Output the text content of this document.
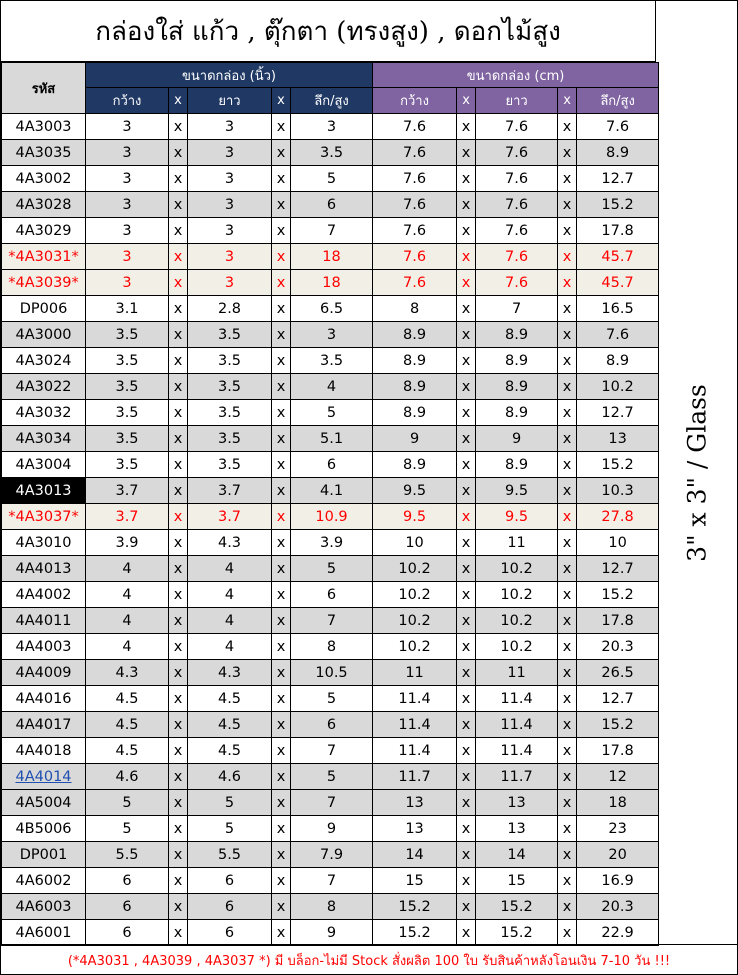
กล่องใส่ แก้ว , ตุ๊กตา (ทรงสูง) , ดอกไม้สูง
3" x 3" / Glass
รหัส	ขนาดกล่อง (นิ้ว)					ขนาดกล่อง (cm)				
	กว้าง	x	ยาว	x	ลึก/สูง	กว้าง	x	ยาว	x	ลึก/สูง
4A3003	3	x	3	x	3	7.6	x	7.6	x	7.6
4A3035	3	x	3	x	3.5	7.6	x	7.6	x	8.9
4A3002	3	x	3	x	5	7.6	x	7.6	x	12.7
4A3028	3	x	3	x	6	7.6	x	7.6	x	15.2
4A3029	3	x	3	x	7	7.6	x	7.6	x	17.8
*4A3031*	3	x	3	x	18	7.6	x	7.6	x	45.7
*4A3039*	3	x	3	x	18	7.6	x	7.6	x	45.7
DP006	3.1	x	2.8	x	6.5	8	x	7	x	16.5
4A3000	3.5	x	3.5	x	3	8.9	x	8.9	x	7.6
4A3024	3.5	x	3.5	x	3.5	8.9	x	8.9	x	8.9
4A3022	3.5	x	3.5	x	4	8.9	x	8.9	x	10.2
4A3032	3.5	x	3.5	x	5	8.9	x	8.9	x	12.7
4A3034	3.5	x	3.5	x	5.1	9	x	9	x	13
4A3004	3.5	x	3.5	x	6	8.9	x	8.9	x	15.2
4A3013	3.7	x	3.7	x	4.1	9.5	x	9.5	x	10.3
*4A3037*	3.7	x	3.7	x	10.9	9.5	x	9.5	x	27.8
4A3010	3.9	x	4.3	x	3.9	10	x	11	x	10
4A4013	4	x	4	x	5	10.2	x	10.2	x	12.7
4A4002	4	x	4	x	6	10.2	x	10.2	x	15.2
4A4011	4	x	4	x	7	10.2	x	10.2	x	17.8
4A4003	4	x	4	x	8	10.2	x	10.2	x	20.3
4A4009	4.3	x	4.3	x	10.5	11	x	11	x	26.5
4A4016	4.5	x	4.5	x	5	11.4	x	11.4	x	12.7
4A4017	4.5	x	4.5	x	6	11.4	x	11.4	x	15.2
4A4018	4.5	x	4.5	x	7	11.4	x	11.4	x	17.8
4A4014	4.6	x	4.6	x	5	11.7	x	11.7	x	12
4A5004	5	x	5	x	7	13	x	13	x	18
4B5006	5	x	5	x	9	13	x	13	x	23
DP001	5.5	x	5.5	x	7.9	14	x	14	x	20
4A6002	6	x	6	x	7	15	x	15	x	16.9
4A6003	6	x	6	x	8	15.2	x	15.2	x	20.3
4A6001	6	x	6	x	9	15.2	x	15.2	x	22.9
(*4A3031 , 4A3039 , 4A3037 *) มี บล็อก-ไม่มี Stock สั่งผลิต 100 ใบ รับสินค้าหลังโอนเงิน 7-10 วัน !!!
